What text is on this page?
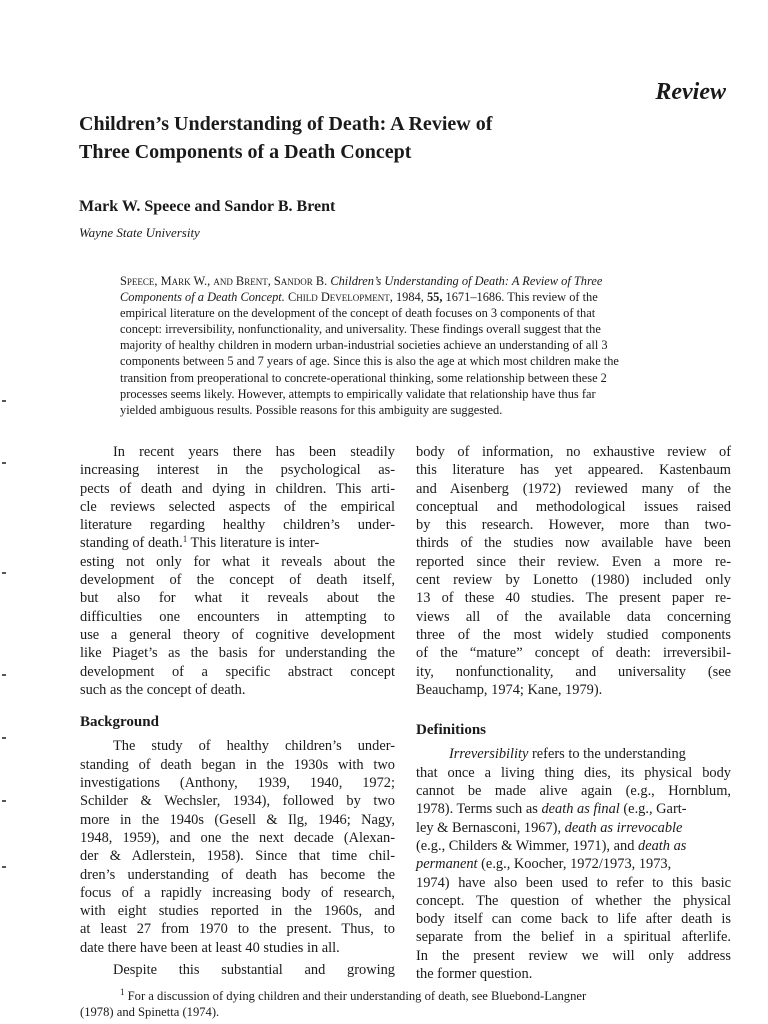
Review
Children’s Understanding of Death: A Review of
Three Components of a Death Concept
Mark W. Speece and Sandor B. Brent
Wayne State University
Speece, Mark W., and Brent, Sandor B. Children’s Understanding of Death: A Review of Three
Components of a Death Concept. Child Development, 1984, 55, 1671–1686. This review of the
empirical literature on the development of the concept of death focuses on 3 components of that
concept: irreversibility, nonfunctionality, and universality. These findings overall suggest that the
majority of healthy children in modern urban-industrial societies achieve an understanding of all 3
components between 5 and 7 years of age. Since this is also the age at which most children make the
transition from preoperational to concrete-operational thinking, some relationship between these 2
processes seems likely. However, attempts to empirically validate that relationship have thus far
yielded ambiguous results. Possible reasons for this ambiguity are suggested.
In recent years there has been steadily
increasing interest in the psychological as-
pects of death and dying in children. This arti-
cle reviews selected aspects of the empirical
literature regarding healthy children’s under-
standing of death.$^1$ This literature is inter-
esting not only for what it reveals about the
development of the concept of death itself,
but also for what it reveals about the
difficulties one encounters in attempting to
use a general theory of cognitive development
like Piaget’s as the basis for understanding the
development of a specific abstract concept
such as the concept of death.
Background
The study of healthy children’s under-
standing of death began in the 1930s with two
investigations (Anthony, 1939, 1940, 1972;
Schilder & Wechsler, 1934), followed by two
more in the 1940s (Gesell & Ilg, 1946; Nagy,
1948, 1959), and one the next decade (Alexan-
der & Adlerstein, 1958). Since that time chil-
dren’s understanding of death has become the
focus of a rapidly increasing body of research,
with eight studies reported in the 1960s, and
at least 27 from 1970 to the present. Thus, to
date there have been at least 40 studies in all.
Despite this substantial and growing
body of information, no exhaustive review of
this literature has yet appeared. Kastenbaum
and Aisenberg (1972) reviewed many of the
conceptual and methodological issues raised
by this research. However, more than two-
thirds of the studies now available have been
reported since their review. Even a more re-
cent review by Lonetto (1980) included only
13 of these 40 studies. The present paper re-
views all of the available data concerning
three of the most widely studied components
of the “mature” concept of death: irreversibil-
ity, nonfunctionality, and universality (see
Beauchamp, 1974; Kane, 1979).
Definitions
Irreversibility refers to the understanding
that once a living thing dies, its physical body
cannot be made alive again (e.g., Hornblum,
1978). Terms such as death as final (e.g., Gart-
ley & Bernasconi, 1967), death as irrevocable
(e.g., Childers & Wimmer, 1971), and death as
permanent (e.g., Koocher, 1972/1973, 1973,
1974) have also been used to refer to this basic
concept. The question of whether the physical
body itself can come back to life after death is
separate from the belief in a spiritual afterlife.
In the present review we will only address
the former question.
$^1$ For a discussion of dying children and their understanding of death, see Bluebond-Langner
(1978) and Spinetta (1974).
